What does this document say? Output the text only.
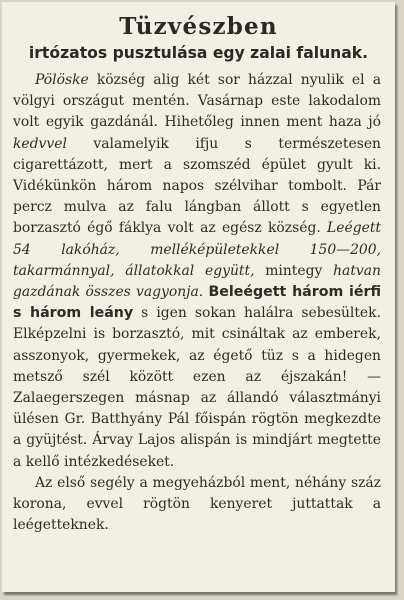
Tüzvészben
irtózatos pusztulása egy zalai falunak.

Pölöske község alig két sor házzal nyulik el a völgyi országut mentén. Vasárnap este lakodalom volt egyik gazdánál. Hihetőleg innen ment haza jó kedvvel valamelyik ifju s természetesen cigarettázott, mert a szomszéd épület gyult ki. Vidékünkön három napos szélvihar tombolt. Pár percz mulva az falu lángban állott s egyetlen borzasztó égő fáklya volt az egész község. Leégett 54 lakóház, melléképületekkel 150—200, takarmánnyal, állatokkal együtt, mintegy hatvan gazdának összes vagyonja. Beleégett három iérfi s három leány s igen sokan halálra sebesültek. Elképzelni is borzasztó, mit csináltak az emberek, asszonyok, gyermekek, az égető tüz s a hidegen metsző szél között ezen az éjszakán! — Zalaegerszegen másnap az állandó választmányi ülésen Gr. Batthyány Pál főispán rögtön megkezdte a gyüjtést. Árvay Lajos alispán is mindjárt megtette a kellő intézkedéseket.

Az első segély a megyeházból ment, néhány száz korona, evvel rögtön kenyeret juttattak a leégetteknek.
